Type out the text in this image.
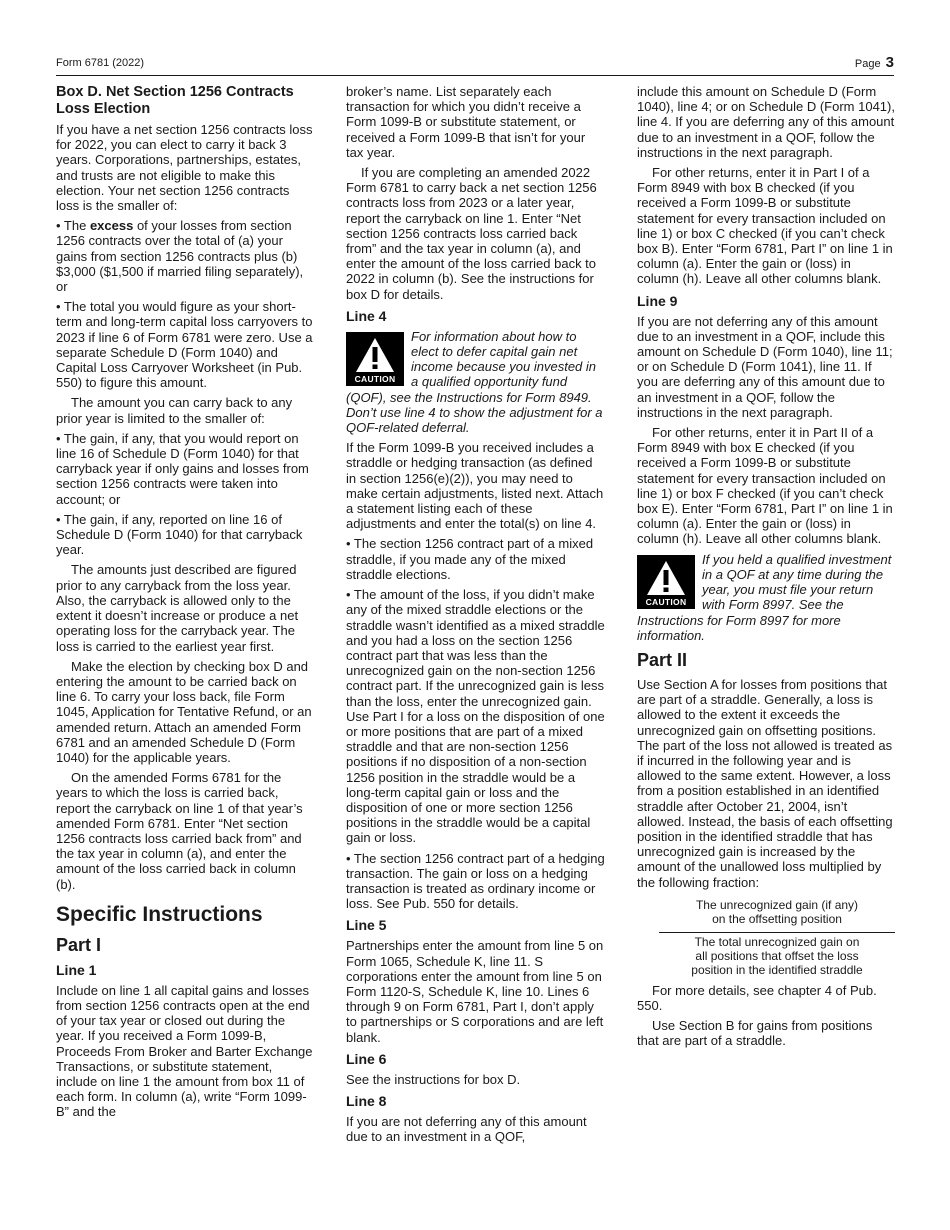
Form 6781 (2022)	Page 3
Box D. Net Section 1256 Contracts
Loss Election

If you have a net section 1256 contracts loss for 2022, you can elect to carry it back 3 years. Corporations, partnerships, estates, and trusts are not eligible to make this election. Your net section 1256 contracts loss is the smaller of:

• The excess of your losses from section 1256 contracts over the total of (a) your gains from section 1256 contracts plus (b) $3,000 ($1,500 if married filing separately), or

• The total you would figure as your short-term and long-term capital loss carryovers to 2023 if line 6 of Form 6781 were zero. Use a separate Schedule D (Form 1040) and Capital Loss Carryover Worksheet (in Pub. 550) to figure this amount.

The amount you can carry back to any prior year is limited to the smaller of:

• The gain, if any, that you would report on line 16 of Schedule D (Form 1040) for that carryback year if only gains and losses from section 1256 contracts were taken into account; or

• The gain, if any, reported on line 16 of Schedule D (Form 1040) for that carryback year.

The amounts just described are figured prior to any carryback from the loss year. Also, the carryback is allowed only to the extent it doesn’t increase or produce a net operating loss for the carryback year. The loss is carried to the earliest year first.

Make the election by checking box D and entering the amount to be carried back on line 6. To carry your loss back, file Form 1045, Application for Tentative Refund, or an amended return. Attach an amended Form 6781 and an amended Schedule D (Form 1040) for the applicable years.

On the amended Forms 6781 for the years to which the loss is carried back, report the carryback on line 1 of that year’s amended Form 6781. Enter “Net section 1256 contracts loss carried back from” and the tax year in column (a), and enter the amount of the loss carried back in column (b).

Specific Instructions
Part I
Line 1

Include on line 1 all capital gains and losses from section 1256 contracts open at the end of your tax year or closed out during the year. If you received a Form 1099-B, Proceeds From Broker and Barter Exchange Transactions, or substitute statement, include on line 1 the amount from box 11 of each form. In column (a), write “Form 1099-B” and the

broker’s name. List separately each transaction for which you didn’t receive a Form 1099-B or substitute statement, or received a Form 1099-B that isn’t for your tax year.

If you are completing an amended 2022 Form 6781 to carry back a net section 1256 contracts loss from 2023 or a later year, report the carryback on line 1. Enter “Net section 1256 contracts loss carried back from” and the tax year in column (a), and enter the amount of the loss carried back to 2022 in column (b). See the instructions for box D for details.

Line 4
CAUTION
For information about how to elect to defer capital gain net income because you invested in a qualified opportunity fund (QOF), see the Instructions for Form 8949. Don’t use line 4 to show the adjustment for a QOF-related deferral.

If the Form 1099-B you received includes a straddle or hedging transaction (as defined in section 1256(e)(2)), you may need to make certain adjustments, listed next. Attach a statement listing each of these adjustments and enter the total(s) on line 4.

• The section 1256 contract part of a mixed straddle, if you made any of the mixed straddle elections.

• The amount of the loss, if you didn’t make any of the mixed straddle elections or the straddle wasn’t identified as a mixed straddle and you had a loss on the section 1256 contract part that was less than the unrecognized gain on the non-section 1256 contract part. If the unrecognized gain is less than the loss, enter the unrecognized gain. Use Part I for a loss on the disposition of one or more positions that are part of a mixed straddle and that are non-section 1256 positions if no disposition of a non-section 1256 position in the straddle would be a long-term capital gain or loss and the disposition of one or more section 1256 positions in the straddle would be a capital gain or loss.

• The section 1256 contract part of a hedging transaction. The gain or loss on a hedging transaction is treated as ordinary income or loss. See Pub. 550 for details.

Line 5

Partnerships enter the amount from line 5 on Form 1065, Schedule K, line 11. S corporations enter the amount from line 5 on Form 1120-S, Schedule K, line 10. Lines 6 through 9 on Form 6781, Part I, don’t apply to partnerships or S corporations and are left blank.

Line 6

See the instructions for box D.

Line 8

If you are not deferring any of this amount due to an investment in a QOF,

include this amount on Schedule D (Form 1040), line 4; or on Schedule D (Form 1041), line 4. If you are deferring any of this amount due to an investment in a QOF, follow the instructions in the next paragraph.

For other returns, enter it in Part I of a Form 8949 with box B checked (if you received a Form 1099-B or substitute statement for every transaction included on line 1) or box C checked (if you can’t check box B). Enter “Form 6781, Part I” on line 1 in column (a). Enter the gain or (loss) in column (h). Leave all other columns blank.

Line 9

If you are not deferring any of this amount due to an investment in a QOF, include this amount on Schedule D (Form 1040), line 11; or on Schedule D (Form 1041), line 11. If you are deferring any of this amount due to an investment in a QOF, follow the instructions in the next paragraph.

For other returns, enter it in Part II of a Form 8949 with box E checked (if you received a Form 1099-B or substitute statement for every transaction included on line 1) or box F checked (if you can’t check box E). Enter “Form 6781, Part I” on line 1 in column (a). Enter the gain or (loss) in column (h). Leave all other columns blank.

CAUTION
If you held a qualified investment in a QOF at any time during the year, you must file your return with Form 8997. See the Instructions for Form 8997 for more information.
Part II

Use Section A for losses from positions that are part of a straddle. Generally, a loss is allowed to the extent it exceeds the unrecognized gain on offsetting positions. The part of the loss not allowed is treated as if incurred in the following year and is allowed to the same extent. However, a loss from a position established in an identified straddle after October 21, 2004, isn’t allowed. Instead, the basis of each offsetting position in the identified straddle that has unrecognized gain is increased by the amount of the unallowed loss multiplied by the following fraction:

The unrecognized gain (if any)
on the offsetting position
The total unrecognized gain on
all positions that offset the loss
position in the identified straddle

For more details, see chapter 4 of Pub. 550.

Use Section B for gains from positions that are part of a straddle.
